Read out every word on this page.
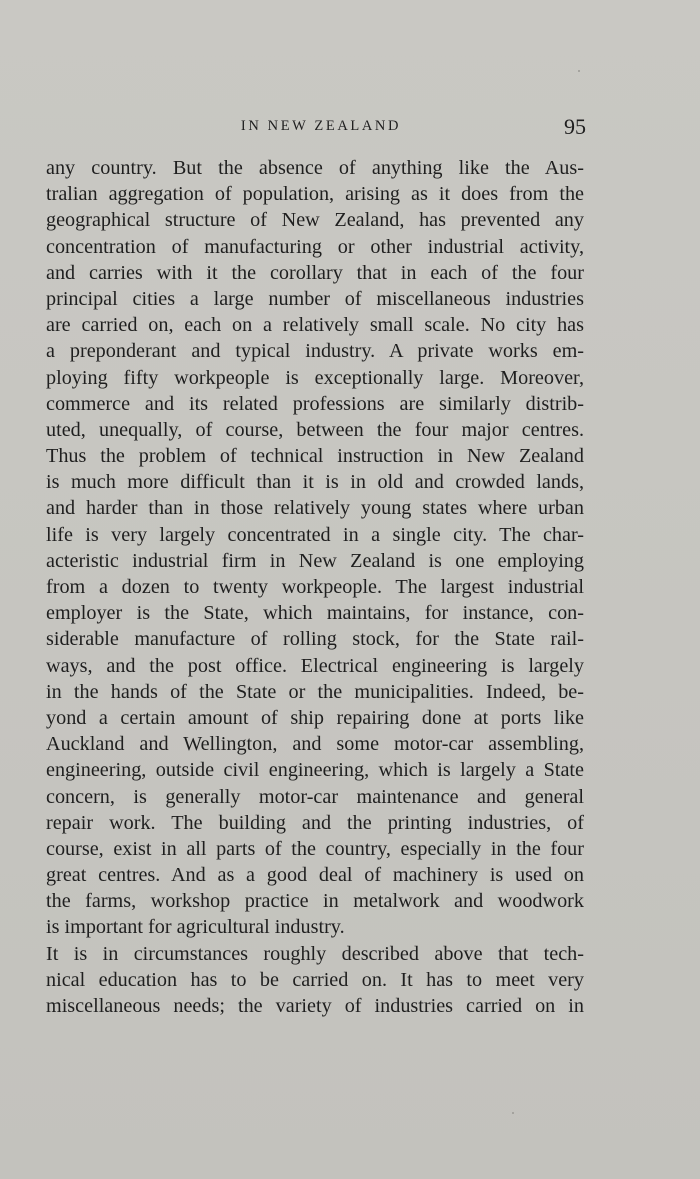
IN NEW ZEALAND	95
any country. But the absence of anything like the Aus-
tralian aggregation of population, arising as it does from the
geographical structure of New Zealand, has prevented any
concentration of manufacturing or other industrial activity,
and carries with it the corollary that in each of the four
principal cities a large number of miscellaneous industries
are carried on, each on a relatively small scale. No city has
a preponderant and typical industry. A private works em-
ploying fifty workpeople is exceptionally large. Moreover,
commerce and its related professions are similarly distrib-
uted, unequally, of course, between the four major centres.
Thus the problem of technical instruction in New Zealand
is much more difficult than it is in old and crowded lands,
and harder than in those relatively young states where urban
life is very largely concentrated in a single city. The char-
acteristic industrial firm in New Zealand is one employing
from a dozen to twenty workpeople. The largest industrial
employer is the State, which maintains, for instance, con-
siderable manufacture of rolling stock, for the State rail-
ways, and the post office. Electrical engineering is largely
in the hands of the State or the municipalities. Indeed, be-
yond a certain amount of ship repairing done at ports like
Auckland and Wellington, and some motor-car assembling,
engineering, outside civil engineering, which is largely a State
concern, is generally motor-car maintenance and general
repair work. The building and the printing industries, of
course, exist in all parts of the country, especially in the four
great centres. And as a good deal of machinery is used on
the farms, workshop practice in metalwork and woodwork
is important for agricultural industry.
It is in circumstances roughly described above that tech-
nical education has to be carried on. It has to meet very
miscellaneous needs; the variety of industries carried on in
